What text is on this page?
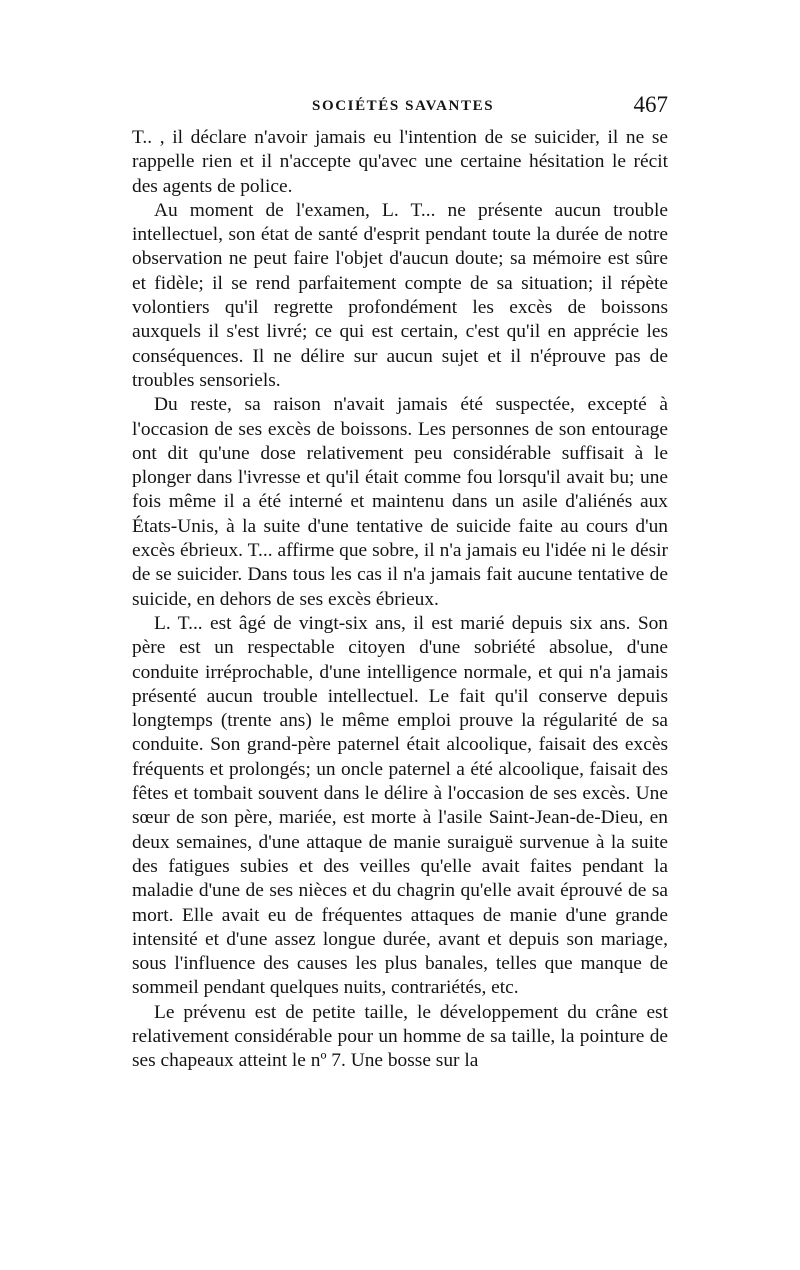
SOCIÉTÉS SAVANTES	467

T.. , il déclare n'avoir jamais eu l'intention de se suicider, il ne se rappelle rien et il n'accepte qu'avec une certaine hésitation le récit des agents de police.

Au moment de l'examen, L. T... ne présente aucun trouble intellectuel, son état de santé d'esprit pendant toute la durée de notre observation ne peut faire l'objet d'aucun doute; sa mémoire est sûre et fidèle; il se rend parfaitement compte de sa situation; il répète volontiers qu'il regrette profondément les excès de boissons auxquels il s'est livré; ce qui est certain, c'est qu'il en apprécie les conséquences. Il ne délire sur aucun sujet et il n'éprouve pas de troubles sensoriels.

Du reste, sa raison n'avait jamais été suspectée, excepté à l'occasion de ses excès de boissons. Les personnes de son entourage ont dit qu'une dose relativement peu considérable suffisait à le plonger dans l'ivresse et qu'il était comme fou lorsqu'il avait bu; une fois même il a été interné et maintenu dans un asile d'aliénés aux États-Unis, à la suite d'une tentative de suicide faite au cours d'un excès ébrieux. T... affirme que sobre, il n'a jamais eu l'idée ni le désir de se suicider. Dans tous les cas il n'a jamais fait aucune tentative de suicide, en dehors de ses excès ébrieux.

L. T... est âgé de vingt-six ans, il est marié depuis six ans. Son père est un respectable citoyen d'une sobriété absolue, d'une conduite irréprochable, d'une intelligence normale, et qui n'a jamais présenté aucun trouble intellectuel. Le fait qu'il conserve depuis longtemps (trente ans) le même emploi prouve la régularité de sa conduite. Son grand-père paternel était alcoolique, faisait des excès fréquents et prolongés; un oncle paternel a été alcoolique, faisait des fêtes et tombait souvent dans le délire à l'occasion de ses excès. Une sœur de son père, mariée, est morte à l'asile Saint-Jean-de-Dieu, en deux semaines, d'une attaque de manie suraiguë survenue à la suite des fatigues subies et des veilles qu'elle avait faites pendant la maladie d'une de ses nièces et du chagrin qu'elle avait éprouvé de sa mort. Elle avait eu de fréquentes attaques de manie d'une grande intensité et d'une assez longue durée, avant et depuis son mariage, sous l'influence des causes les plus banales, telles que manque de sommeil pendant quelques nuits, contrariétés, etc.

Le prévenu est de petite taille, le développement du crâne est relativement considérable pour un homme de sa taille, la pointure de ses chapeaux atteint le nº 7. Une bosse sur la
